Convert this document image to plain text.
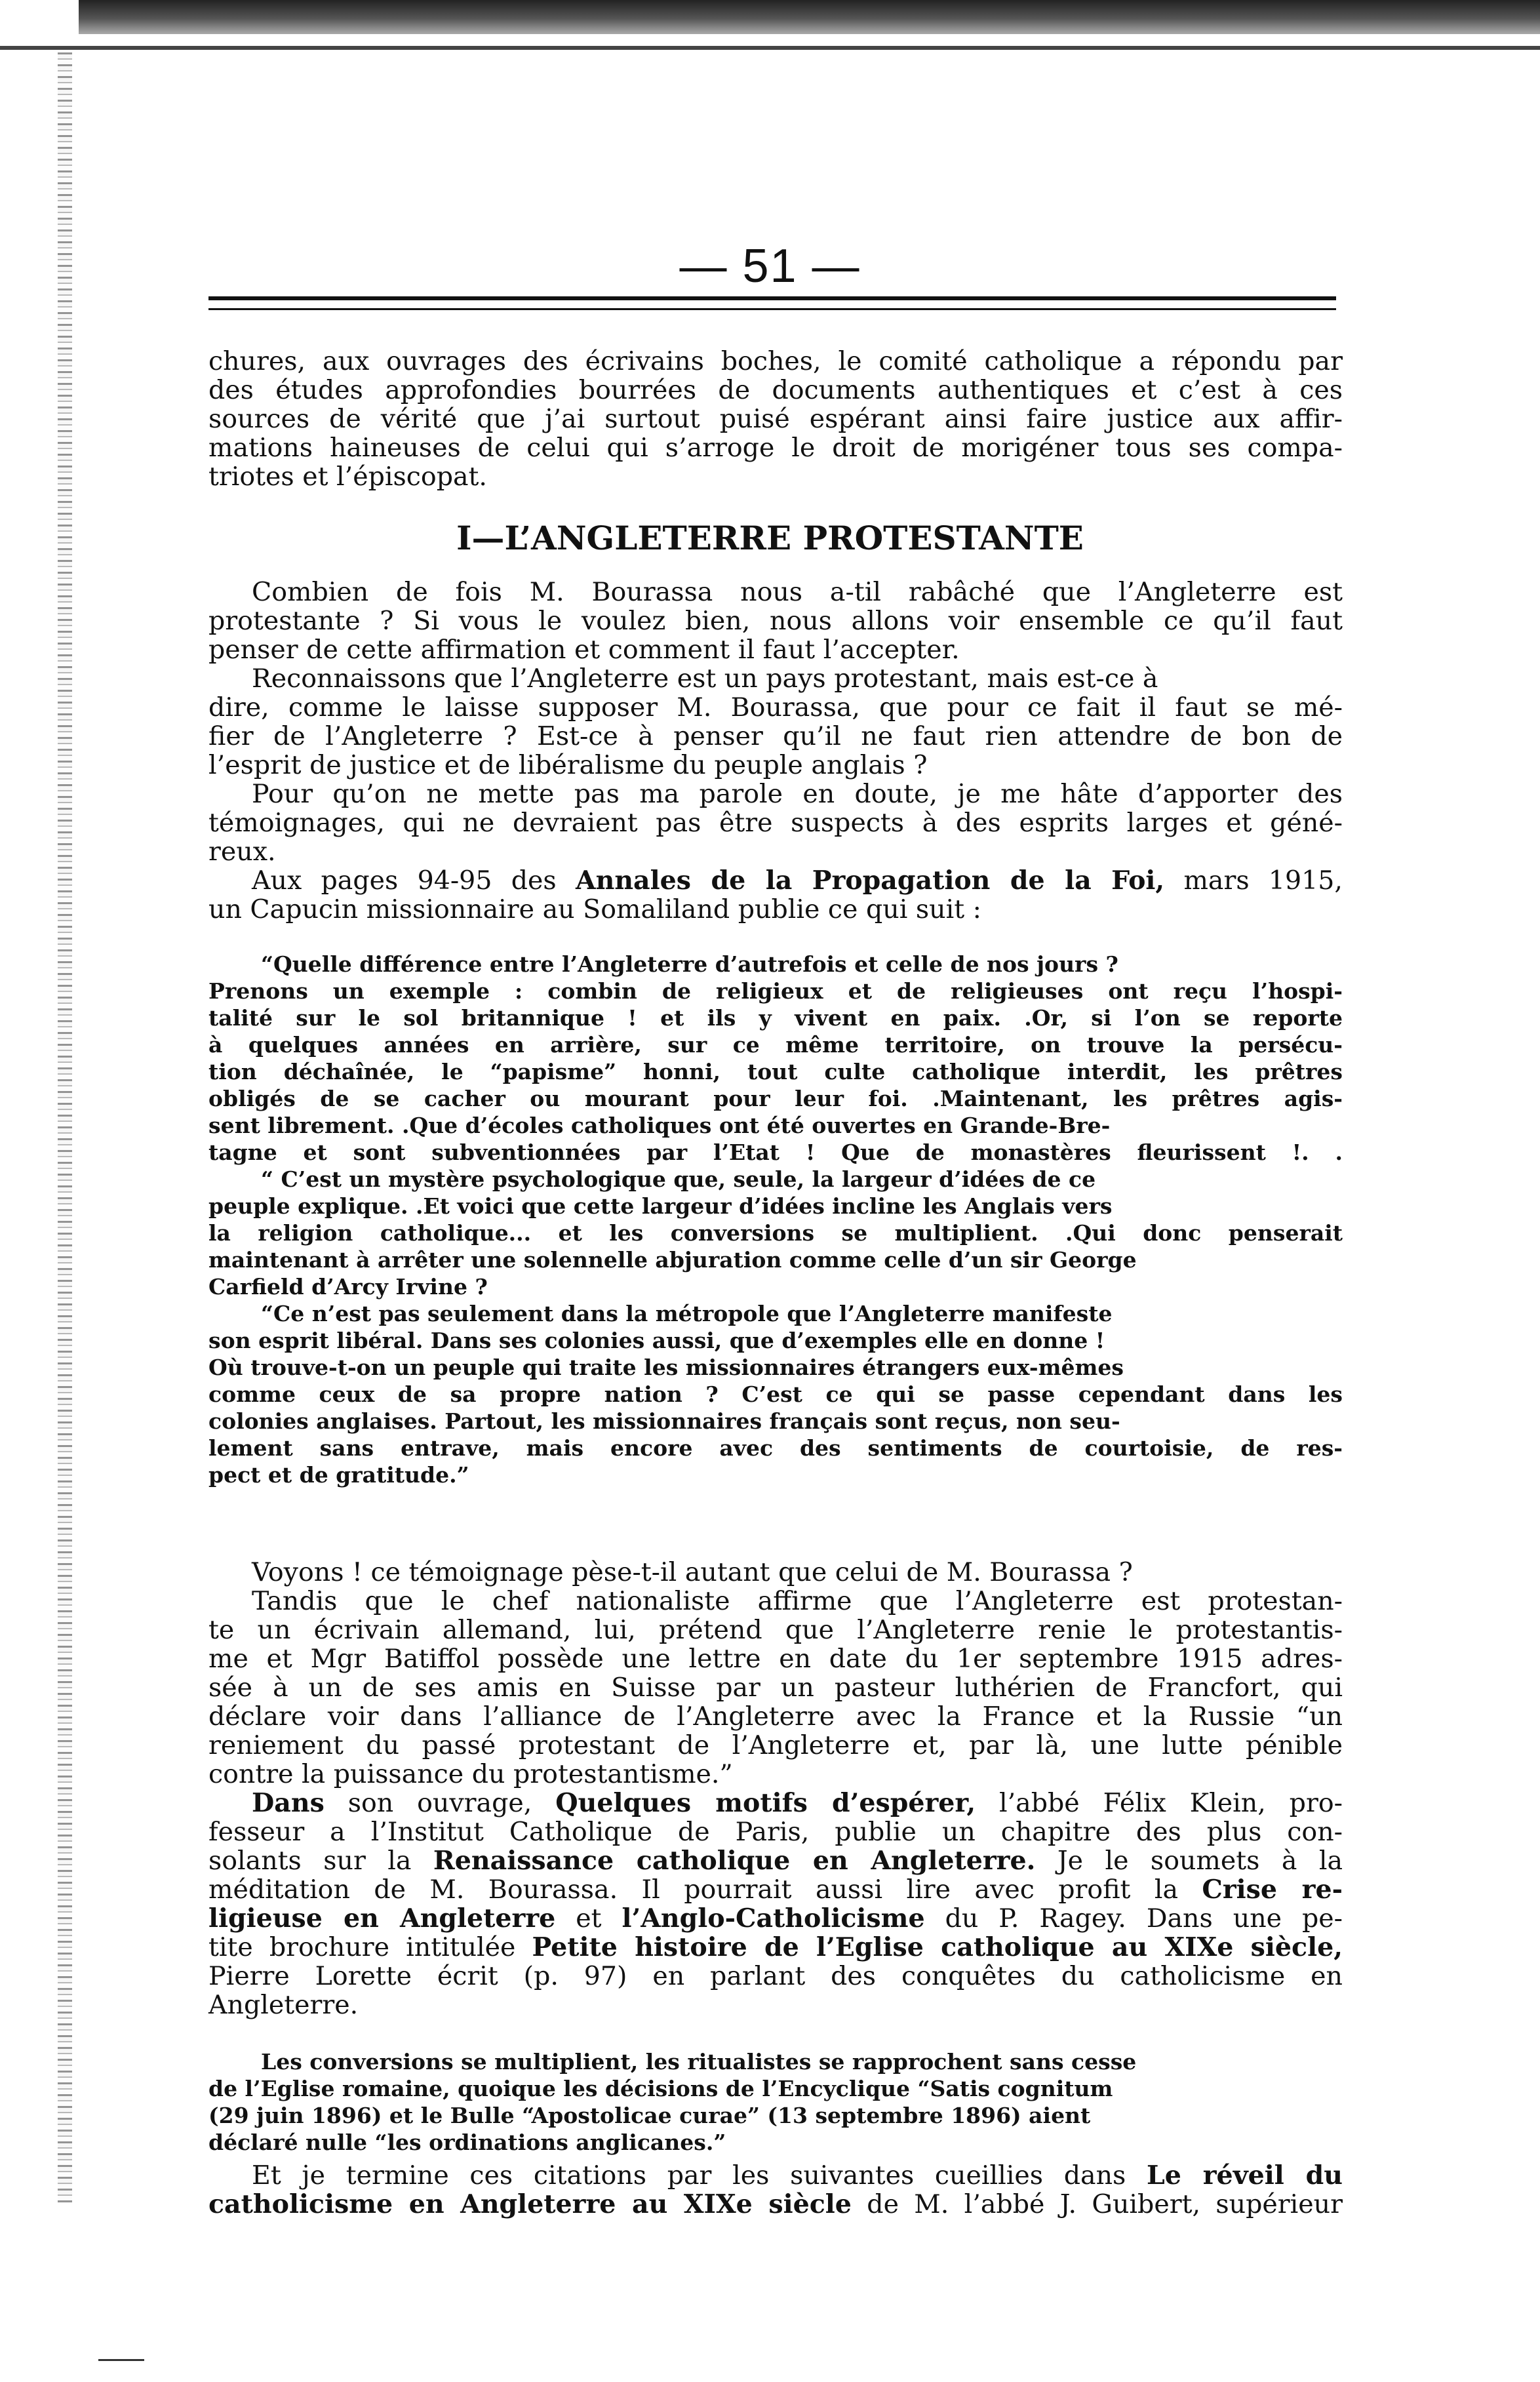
— 51 —
I—L’ANGLETERRE PROTESTANTE
chures, aux ouvrages des écrivains boches, le comité catholique a répondu par
des études approfondies bourrées de documents authentiques et c’est à ces
sources de vérité que j’ai surtout puisé espérant ainsi faire justice aux affir-
mations haineuses de celui qui s’arroge le droit de morigéner tous ses compa-
triotes et l’épiscopat.
Combien de fois M. Bourassa nous a-til rabâché que l’Angleterre est
protestante ? Si vous le voulez bien, nous allons voir ensemble ce qu’il faut
penser de cette affirmation et comment il faut l’accepter.
Reconnaissons que l’Angleterre est un pays protestant, mais est-ce à
dire, comme le laisse supposer M. Bourassa, que pour ce fait il faut se mé-
fier de l’Angleterre ? Est-ce à penser qu’il ne faut rien attendre de bon de
l’esprit de justice et de libéralisme du peuple anglais ?
Pour qu’on ne mette pas ma parole en doute, je me hâte d’apporter des
témoignages, qui ne devraient pas être suspects à des esprits larges et géné-
reux.
Aux pages 94-95 des Annales de la Propagation de la Foi, mars 1915,
un Capucin missionnaire au Somaliland publie ce qui suit :
“Quelle différence entre l’Angleterre d’autrefois et celle de nos jours ?
Prenons un exemple : combin de religieux et de religieuses ont reçu l’hospi-
talité sur le sol britannique ! et ils y vivent en paix. .Or, si l’on se reporte
à quelques années en arrière, sur ce même territoire, on trouve la persécu-
tion déchaînée, le “papisme” honni, tout culte catholique interdit, les prêtres
obligés de se cacher ou mourant pour leur foi. .Maintenant, les prêtres agis-
sent librement. .Que d’écoles catholiques ont été ouvertes en Grande-Bre-
tagne et sont subventionnées par l’Etat ! Que de monastères fleurissent !. .
“ C’est un mystère psychologique que, seule, la largeur d’idées de ce
peuple explique. .Et voici que cette largeur d’idées incline les Anglais vers
la religion catholique... et les conversions se multiplient. .Qui donc penserait
maintenant à arrêter une solennelle abjuration comme celle d’un sir George
Carfield d’Arcy Irvine ?
“Ce n’est pas seulement dans la métropole que l’Angleterre manifeste
son esprit libéral. Dans ses colonies aussi, que d’exemples elle en donne !
Où trouve-t-on un peuple qui traite les missionnaires étrangers eux-mêmes
comme ceux de sa propre nation ? C’est ce qui se passe cependant dans les
colonies anglaises. Partout, les missionnaires français sont reçus, non seu-
lement sans entrave, mais encore avec des sentiments de courtoisie, de res-
pect et de gratitude.”
Voyons ! ce témoignage pèse-t-il autant que celui de M. Bourassa ?
Tandis que le chef nationaliste affirme que l’Angleterre est protestan-
te un écrivain allemand, lui, prétend que l’Angleterre renie le protestantis-
me et Mgr Batiffol possède une lettre en date du 1er septembre 1915 adres-
sée à un de ses amis en Suisse par un pasteur luthérien de Francfort, qui
déclare voir dans l’alliance de l’Angleterre avec la France et la Russie “un
reniement du passé protestant de l’Angleterre et, par là, une lutte pénible
contre la puissance du protestantisme.”
Dans son ouvrage, Quelques motifs d’espérer, l’abbé Félix Klein, pro-
fesseur a l’Institut Catholique de Paris, publie un chapitre des plus con-
solants sur la Renaissance catholique en Angleterre. Je le soumets à la
méditation de M. Bourassa. Il pourrait aussi lire avec profit la Crise re-
ligieuse en Angleterre et l’Anglo-Catholicisme du P. Ragey. Dans une pe-
tite brochure intitulée Petite histoire de l’Eglise catholique au XIXe siècle,
Pierre Lorette écrit (p. 97) en parlant des conquêtes du catholicisme en
Angleterre.
Les conversions se multiplient, les ritualistes se rapprochent sans cesse
de l’Eglise romaine, quoique les décisions de l’Encyclique “Satis cognitum
(29 juin 1896) et le Bulle “Apostolicae curae” (13 septembre 1896) aient
déclaré nulle “les ordinations anglicanes.”
Et je termine ces citations par les suivantes cueillies dans Le réveil du
catholicisme en Angleterre au XIXe siècle de M. l’abbé J. Guibert, supérieur
